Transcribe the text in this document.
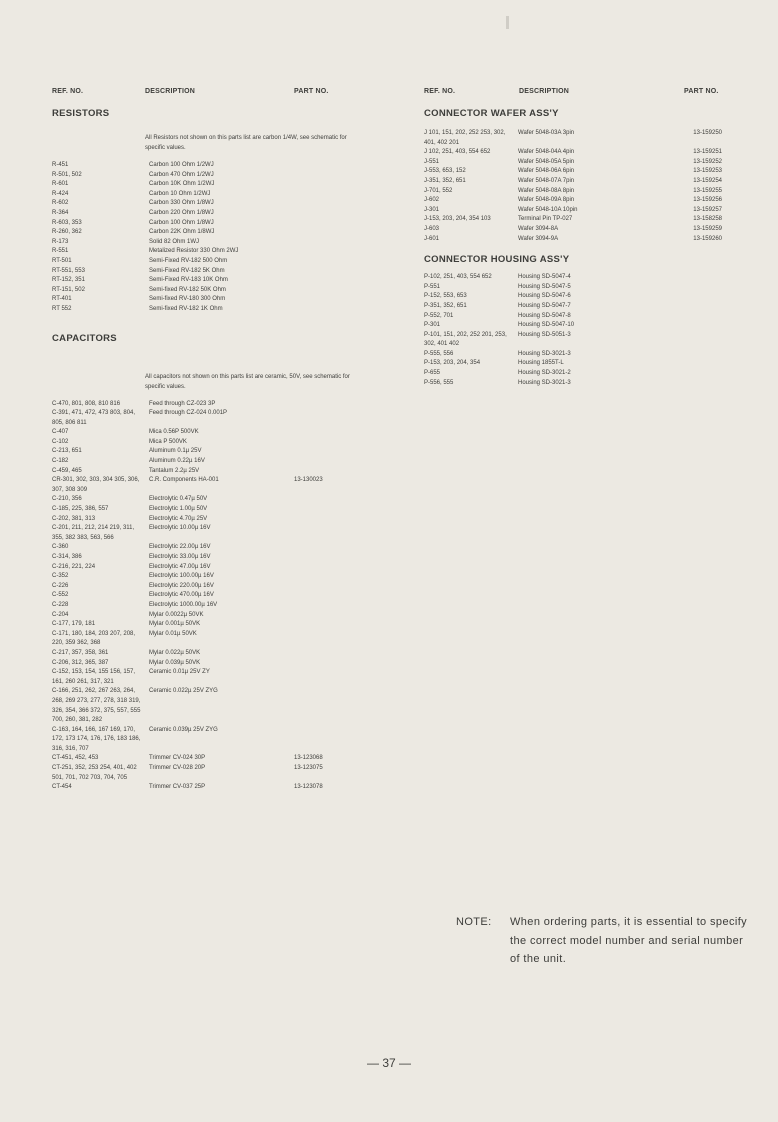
REF. NO.	DESCRIPTION	PART NO.
RESISTORS
All Resistors not shown on this parts list are carbon 1/4W, see schematic for specific values.
R-451	Carbon 100 Ohm 1/2WJ	
R-501, 502	Carbon 470 Ohm 1/2WJ	
R-601	Carbon 10K Ohm 1/2WJ	
R-424	Carbon 10 Ohm 1/2WJ	
R-602	Carbon 330 Ohm 1/8WJ	
R-364	Carbon 220 Ohm 1/8WJ	
R-603, 353	Carbon 100 Ohm 1/8WJ	
R-260, 362	Carbon 22K Ohm 1/8WJ	
R-173	Solid 82 Ohm 1WJ	
R-551	Metalized Resistor 330 Ohm 2WJ	
RT-501	Semi-Fixed RV-182 500 Ohm	
RT-551, 553	Semi-Fixed RV-182 5K Ohm	
RT-152, 351	Semi-Fixed RV-183 10K Ohm	
RT-151, 502	Semi-fixed RV-182 50K Ohm	
RT-401	Semi-fixed RV-180 300 Ohm	
RT 552	Semi-fixed RV-182 1K Ohm	
CAPACITORS
All capacitors not shown on this parts list are ceramic, 50V, see schematic for specific values.
C-470, 801, 808, 810 816	Feed through CZ-023 3P	
C-391, 471, 472, 473 803, 804, 805, 806 811	Feed through CZ-024 0.001P	
C-407	Mica 0.56P 500VK	
C-102	Mica P 500VK	
C-213, 651	Aluminum 0.1µ 25V	
C-182	Aluminum 0.22µ 16V	
C-459, 465	Tantalum 2.2µ 25V	
CR-301, 302, 303, 304 305, 306, 307, 308 309	C.R. Components HA-001	13-130023
C-210, 356	Electrolytic 0.47µ 50V	
C-185, 225, 386, 557	Electrolytic 1.00µ 50V	
C-202, 381, 313	Electrolytic 4.70µ 25V	
C-201, 211, 212, 214 219, 311, 355, 382 383, 563, 566	Electrolytic 10.00µ 16V	
C-360	Electrolytic 22.00µ 16V	
C-314, 386	Electrolytic 33.00µ 16V	
C-216, 221, 224	Electrolytic 47.00µ 16V	
C-352	Electrolytic 100.00µ 16V	
C-226	Electrolytic 220.00µ 16V	
C-552	Electrolytic 470.00µ 16V	
C-228	Electrolytic 1000.00µ 16V	
C-204	Mylar 0.0022µ 50VK	
C-177, 179, 181	Mylar 0.001µ 50VK	
C-171, 180, 184, 203 207, 208, 220, 359 362, 368	Mylar 0.01µ 50VK	
C-217, 357, 358, 361	Mylar 0.022µ 50VK	
C-206, 312, 365, 387	Mylar 0.039µ 50VK	
C-152, 153, 154, 155 156, 157, 161, 260 261, 317, 321	Ceramic 0.01µ 25V ZY	
C-166, 251, 262, 267 263, 264, 268, 269 273, 277, 278, 318 319, 326, 354, 366 372, 375, 557, 555 700, 260, 381, 282	Ceramic 0.022µ 25V ZYG	
C-163, 164, 166, 167 169, 170, 172, 173 174, 176, 176, 183 186, 316, 316, 707	Ceramic 0.039µ 25V ZYG	
CT-451, 452, 453	Trimmer CV-024 30P	13-123068
CT-251, 352, 253 254, 401, 402 501, 701, 702 703, 704, 705	Trimmer CV-028 20P	13-123075
CT-454	Trimmer CV-037 25P	13-123078
REF. NO.	DESCRIPTION	PART NO.
CONNECTOR WAFER ASS'Y
J 101, 151, 202, 252 253, 302, 401, 402 201	Wafer 5048-03A 3pin	13-159250
J 102, 251, 403, 554 652	Wafer 5048-04A 4pin	13-159251
J-551	Wafer 5048-05A 5pin	13-159252
J-553, 653, 152	Wafer 5048-06A 6pin	13-159253
J-351, 352, 651	Wafer 5048-07A 7pin	13-159254
J-701, 552	Wafer 5048-08A 8pin	13-159255
J-602	Wafer 5048-09A 8pin	13-159256
J-301	Wafer 5048-10A 10pin	13-159257
J-153, 203, 204, 354 103	Terminal Pin TP-027	13-158258
J-603	Wafer 3094-8A	13-159259
J-601	Wafer 3094-9A	13-159260
CONNECTOR HOUSING ASS'Y
P-102, 251, 403, 554 652	Housing SD-5047-4	
P-551	Housing SD-5047-5	
P-152, 553, 653	Housing SD-5047-6	
P-351, 352, 651	Housing SD-5047-7	
P-552, 701	Housing SD-5047-8	
P-301	Housing SD-5047-10	
P-101, 151, 202, 252 201, 253, 302, 401 402	Housing SD-5051-3	
P-555, 556	Housing SD-3021-3	
P-153, 203, 204, 354	Housing 1855T-L	
P-655	Housing SD-3021-2	
P-556, 555	Housing SD-3021-3	
NOTE: When ordering parts, it is essential to specify the correct model number and serial number of the unit.
— 37 —
